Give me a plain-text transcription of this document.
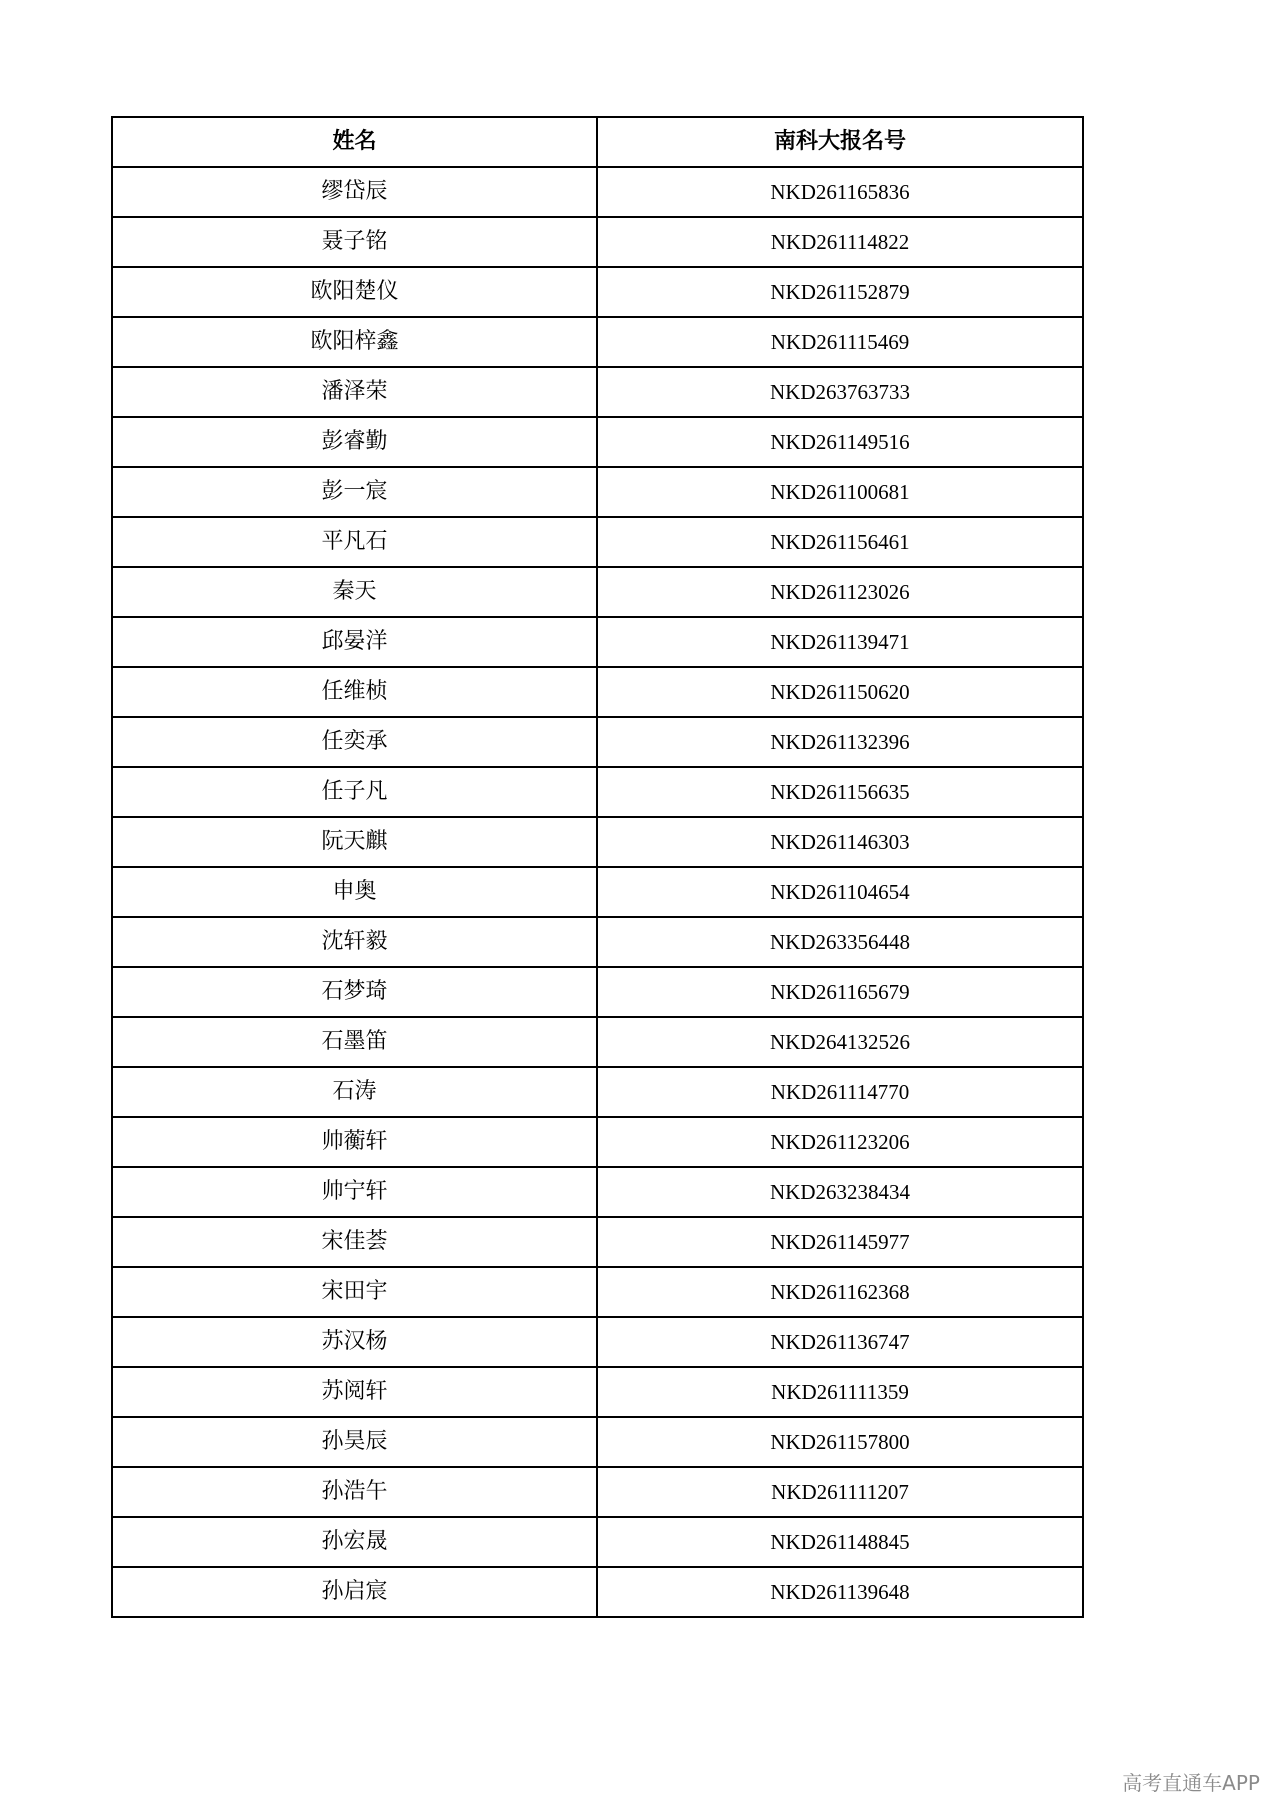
姓名	南科大报名号
缪岱辰	NKD261165836
聂子铭	NKD261114822
欧阳楚仪	NKD261152879
欧阳梓鑫	NKD261115469
潘泽荣	NKD263763733
彭睿勤	NKD261149516
彭一宸	NKD261100681
平凡石	NKD261156461
秦天	NKD261123026
邱晏洋	NKD261139471
任维桢	NKD261150620
任奕承	NKD261132396
任子凡	NKD261156635
阮天麒	NKD261146303
申奥	NKD261104654
沈轩毅	NKD263356448
石梦琦	NKD261165679
石墨笛	NKD264132526
石涛	NKD261114770
帅蘅轩	NKD261123206
帅宁轩	NKD263238434
宋佳荟	NKD261145977
宋田宇	NKD261162368
苏汉杨	NKD261136747
苏阅轩	NKD261111359
孙昊辰	NKD261157800
孙浩午	NKD261111207
孙宏晟	NKD261148845
孙启宸	NKD261139648
高考直通车APP
